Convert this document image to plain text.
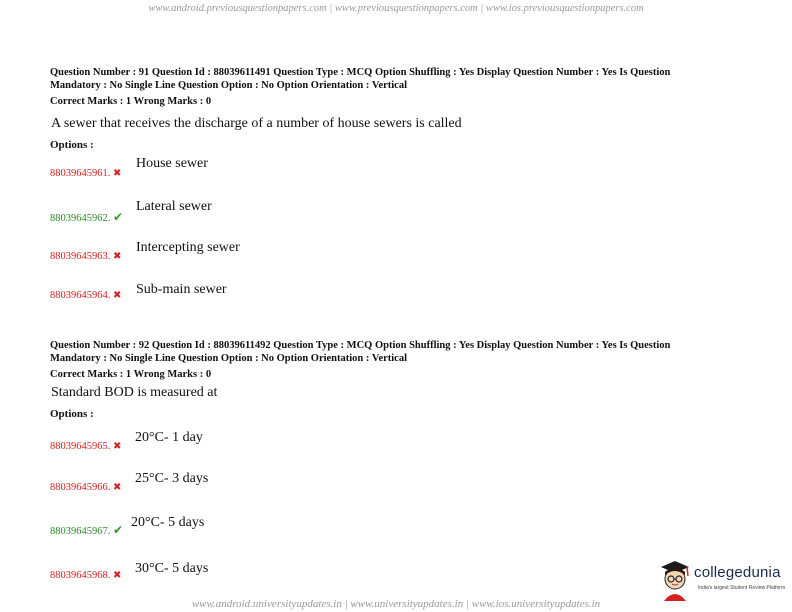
www.android.previousquestionpapers.com | www.previousquestionpapers.com | www.ios.previousquestionpapers.com
Question Number : 91 Question Id : 88039611491 Question Type : MCQ Option Shuffling : Yes Display Question Number : Yes Is Question
Mandatory : No Single Line Question Option : No Option Orientation : Vertical
Correct Marks : 1 Wrong Marks : 0
A sewer that receives the discharge of a number of house sewers is called
Options :
88039645961. ✖
House sewer
88039645962. ✔
Lateral sewer
88039645963. ✖
Intercepting sewer
88039645964. ✖ Sub-main sewer
Question Number : 92 Question Id : 88039611492 Question Type : MCQ Option Shuffling : Yes Display Question Number : Yes Is Question
Mandatory : No Single Line Question Option : No Option Orientation : Vertical
Correct Marks : 1 Wrong Marks : 0
Standard BOD is measured at
Options :
88039645965. ✖
20°C- 1 day
88039645966. ✖
25°C- 3 days
88039645967. ✔ 20°C- 5 days
88039645968. ✖ 30°C- 5 days	collegedunia
India's largest Student Review Platform
www.android.universityupdates.in | www.universityupdates.in | www.ios.universityupdates.in
